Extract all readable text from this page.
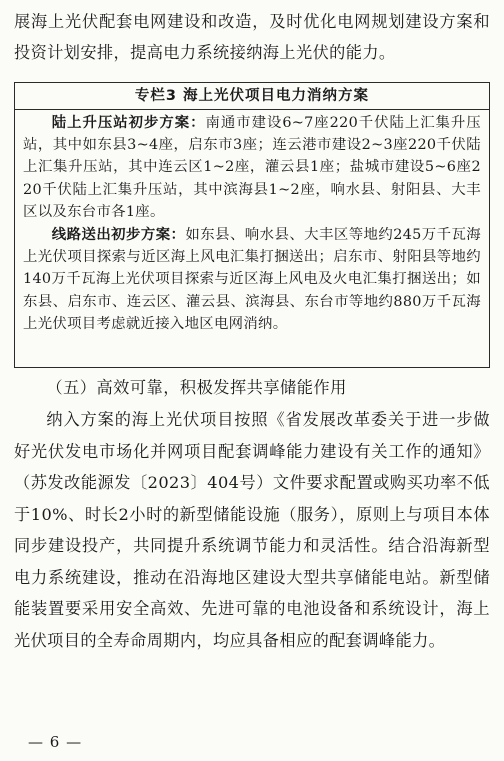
展海上光伏配套电网建设和改造，及时优化电网规划建设方案和投资计划安排，提高电力系统接纳海上光伏的能力。

专栏3 海上光伏项目电力消纳方案

陆上升压站初步方案：南通市建设6~7座220千伏陆上汇集升压站，其中如东县3~4座，启东市3座；连云港市建设2~3座220千伏陆上汇集升压站，其中连云区1~2座，灌云县1座；盐城市建设5~6座220千伏陆上汇集升压站，其中滨海县1~2座，响水县、射阳县、大丰区以及东台市各1座。

线路送出初步方案：如东县、响水县、大丰区等地约245万千瓦海上光伏项目探索与近区海上风电汇集打捆送出；启东市、射阳县等地约140万千瓦海上光伏项目探索与近区海上风电及火电汇集打捆送出；如东县、启东市、连云区、灌云县、滨海县、东台市等地约880万千瓦海上光伏项目考虑就近接入地区电网消纳。

（五）高效可靠，积极发挥共享储能作用

纳入方案的海上光伏项目按照《省发展改革委关于进一步做好光伏发电市场化并网项目配套调峰能力建设有关工作的通知》（苏发改能源发〔2023〕404号）文件要求配置或购买功率不低于10%、时长2小时的新型储能设施（服务），原则上与项目本体同步建设投产，共同提升系统调节能力和灵活性。结合沿海新型电力系统建设，推动在沿海地区建设大型共享储能电站。新型储能装置要采用安全高效、先进可靠的电池设备和系统设计，海上光伏项目的全寿命周期内，均应具备相应的配套调峰能力。

— 6 —
